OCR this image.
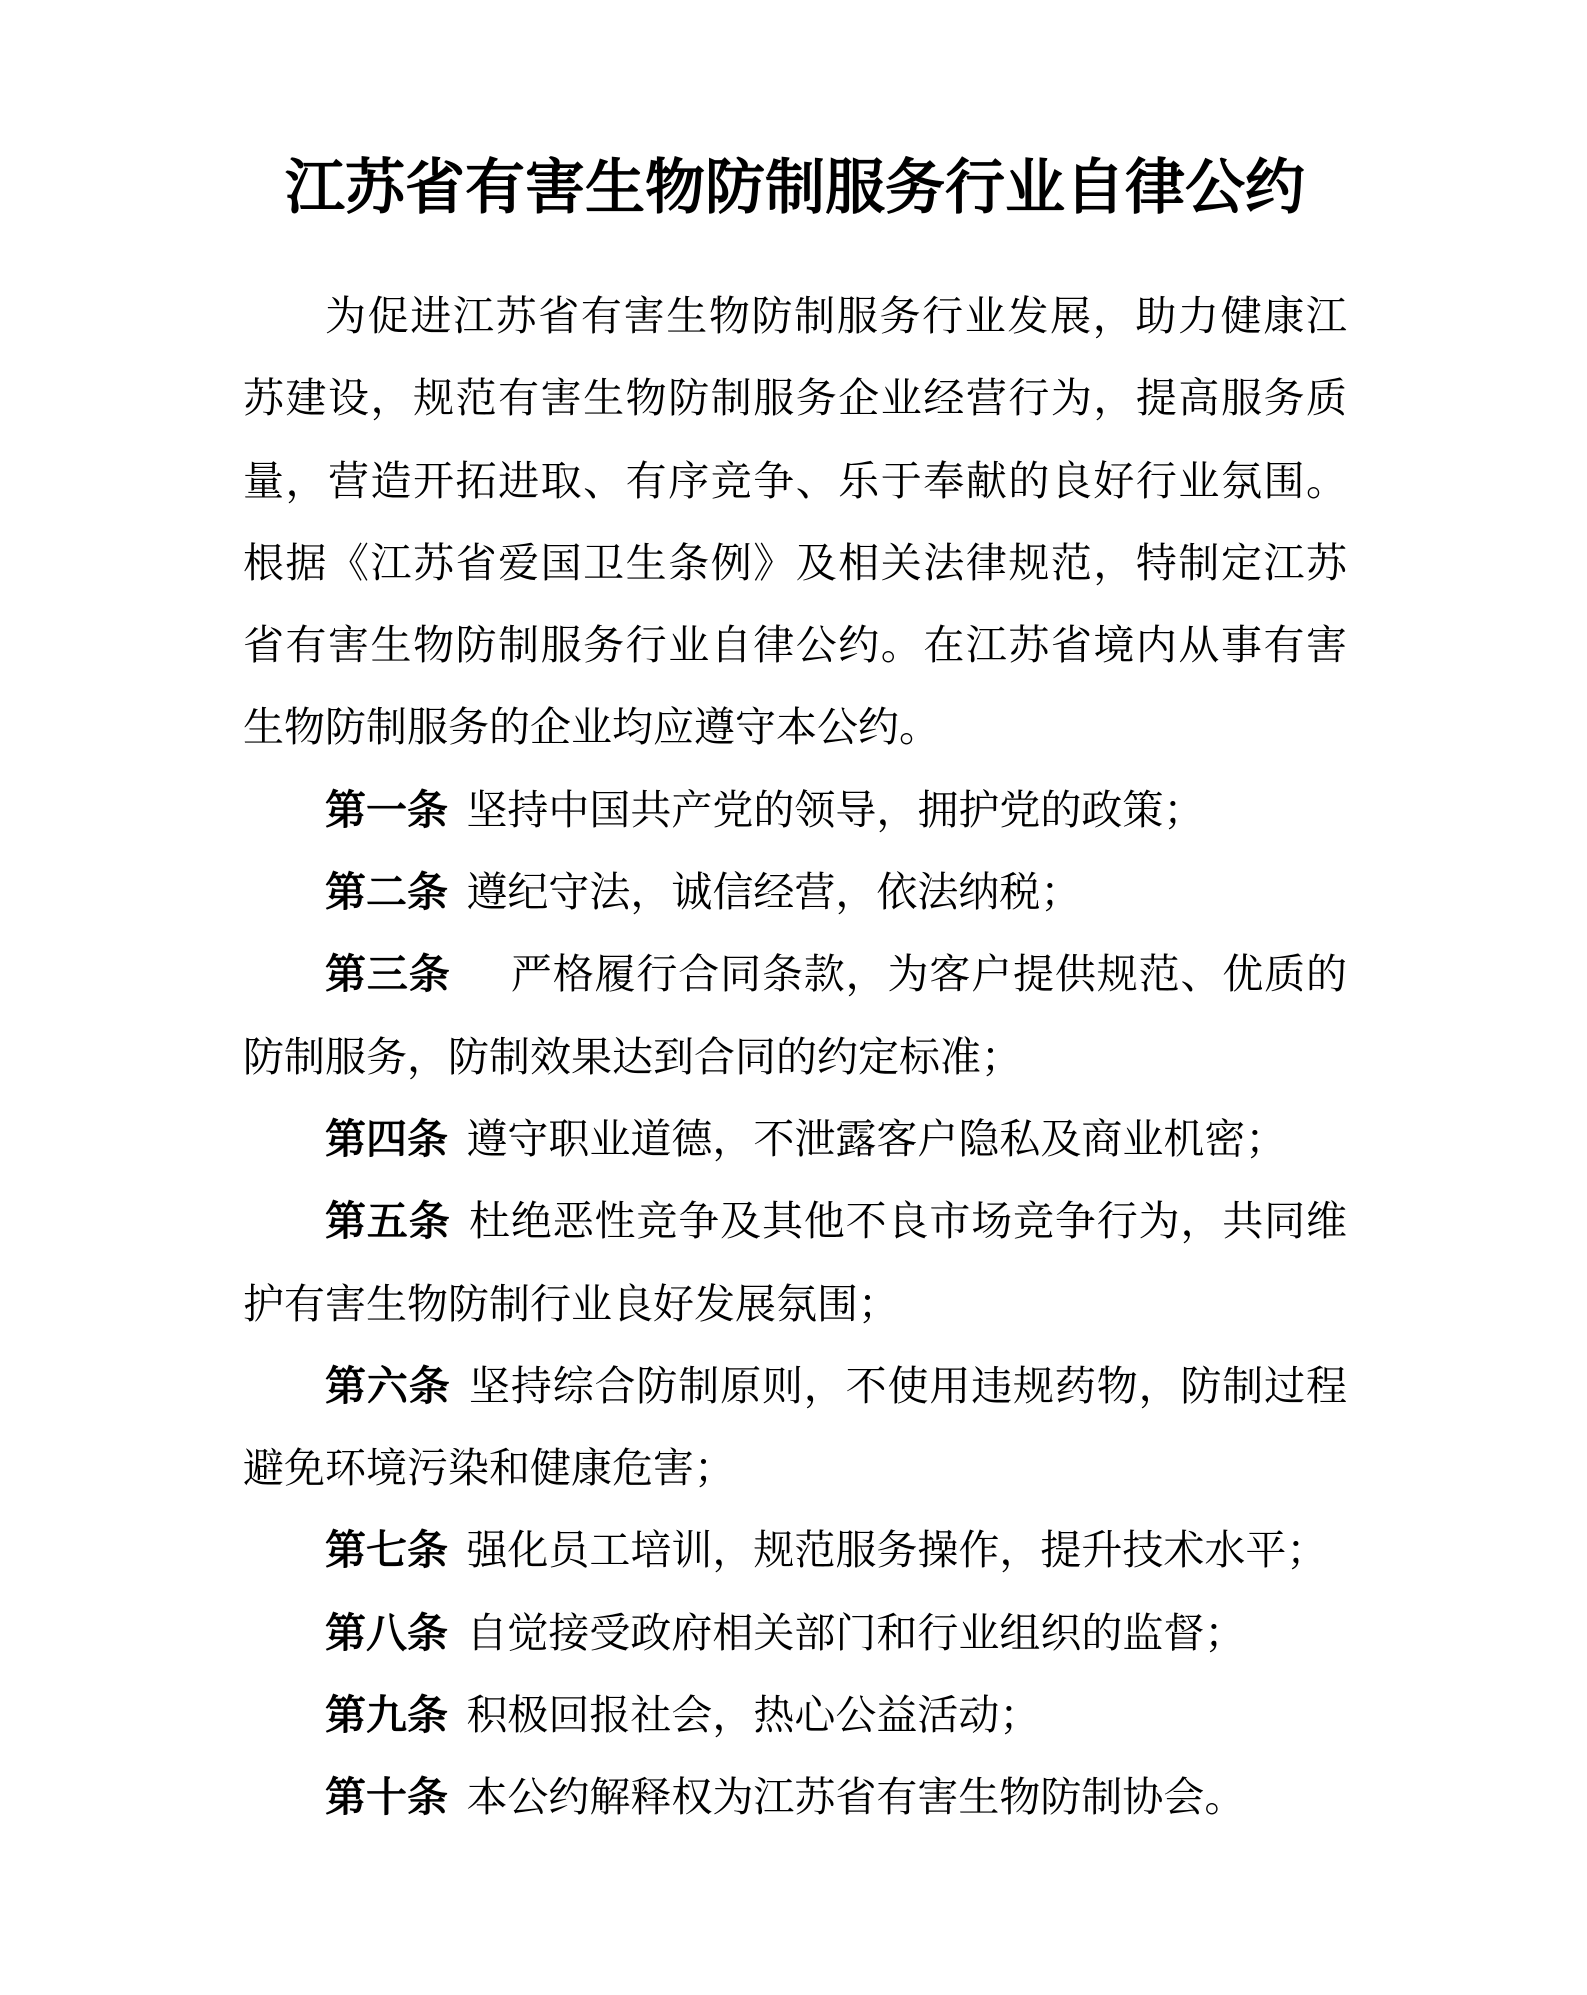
江苏省有害生物防制服务行业自律公约

为促进江苏省有害生物防制服务行业发展，助力健康江苏建设，规范有害生物防制服务企业经营行为，提高服务质量，营造开拓进取、有序竞争、乐于奉献的良好行业氛围。根据《江苏省爱国卫生条例》及相关法律规范，特制定江苏省有害生物防制服务行业自律公约。在江苏省境内从事有害生物防制服务的企业均应遵守本公约。

第一条 坚持中国共产党的领导，拥护党的政策；

第二条 遵纪守法，诚信经营，依法纳税；

第三条　严格履行合同条款，为客户提供规范、优质的防制服务，防制效果达到合同的约定标准；

第四条 遵守职业道德，不泄露客户隐私及商业机密；

第五条 杜绝恶性竞争及其他不良市场竞争行为，共同维护有害生物防制行业良好发展氛围；

第六条 坚持综合防制原则，不使用违规药物，防制过程避免环境污染和健康危害；

第七条 强化员工培训，规范服务操作，提升技术水平；

第八条 自觉接受政府相关部门和行业组织的监督；

第九条 积极回报社会，热心公益活动；

第十条 本公约解释权为江苏省有害生物防制协会。
